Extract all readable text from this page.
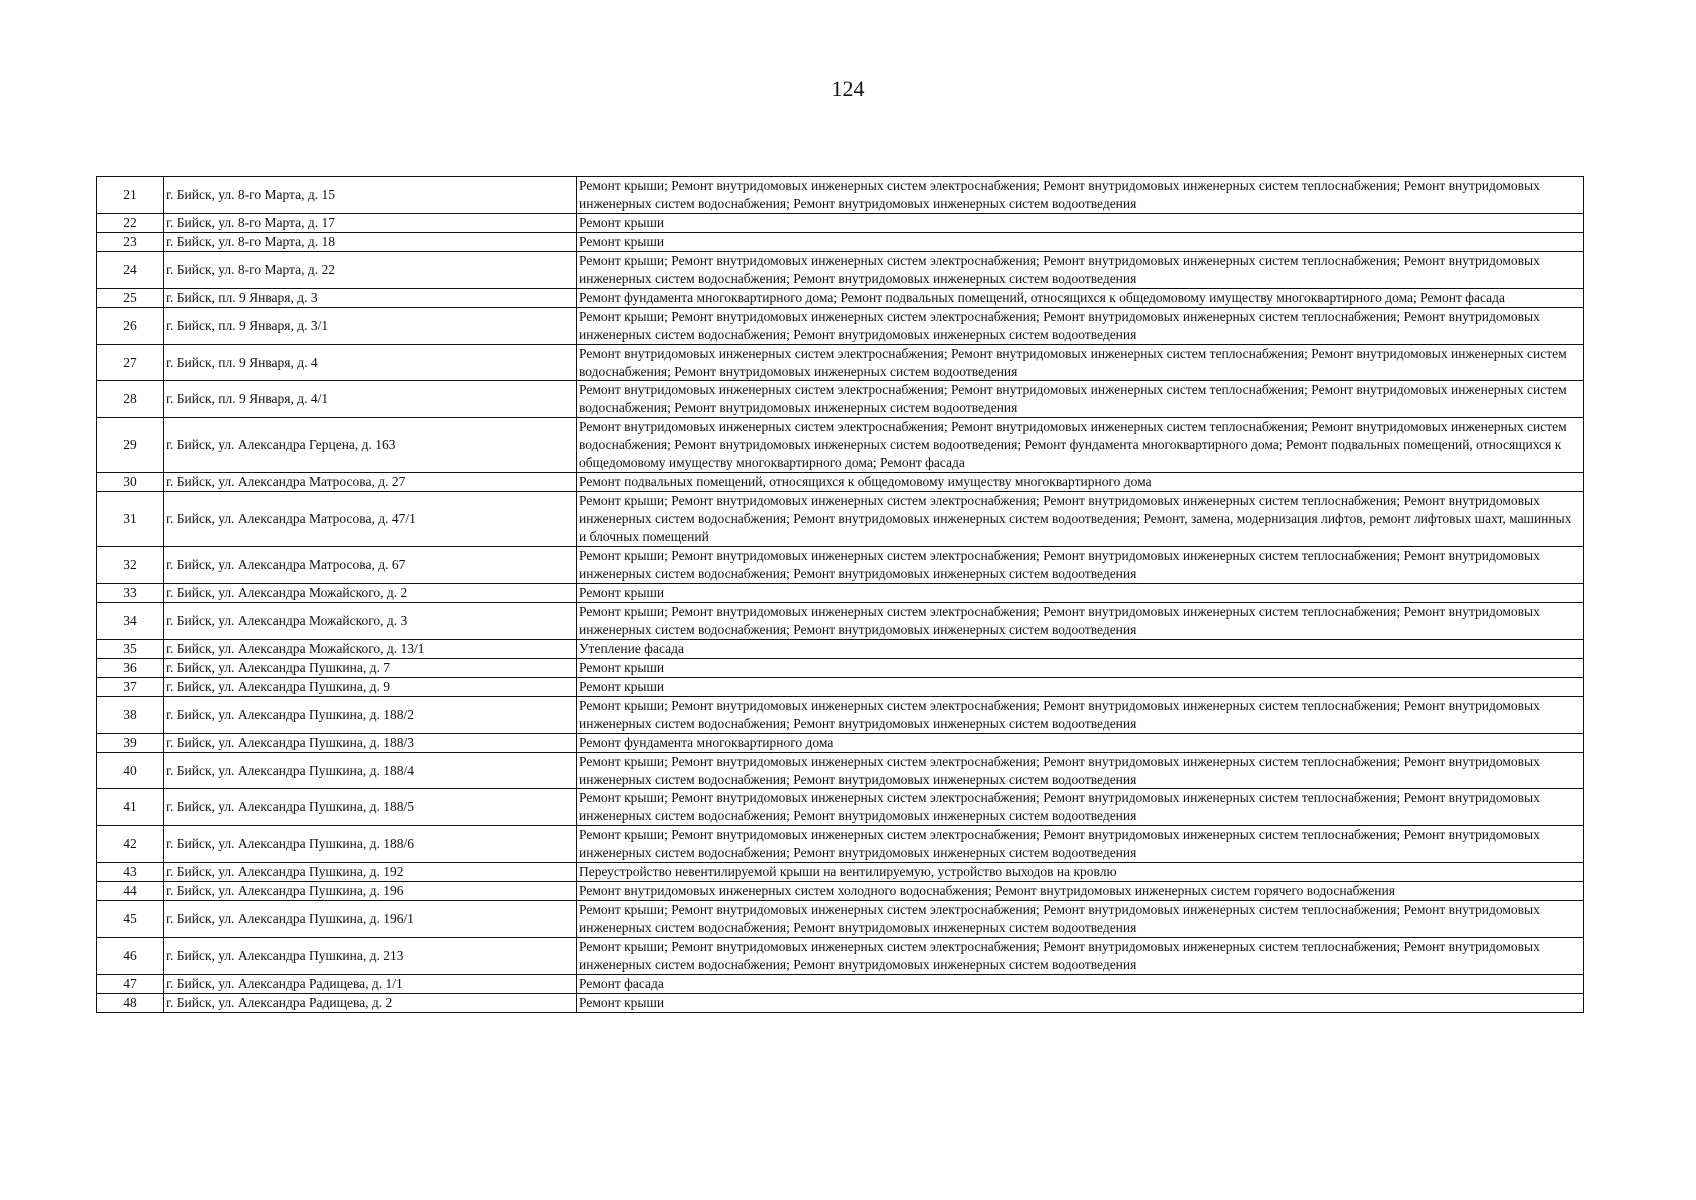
124
21	г. Бийск, ул. 8-го Марта, д. 15	Ремонт крыши; Ремонт внутридомовых инженерных систем электроснабжения; Ремонт внутридомовых инженерных систем теплоснабжения; Ремонт внутридомовых инженерных систем водоснабжения; Ремонт внутридомовых инженерных систем водоотведения
22	г. Бийск, ул. 8-го Марта, д. 17	Ремонт крыши
23	г. Бийск, ул. 8-го Марта, д. 18	Ремонт крыши
24	г. Бийск, ул. 8-го Марта, д. 22	Ремонт крыши; Ремонт внутридомовых инженерных систем электроснабжения; Ремонт внутридомовых инженерных систем теплоснабжения; Ремонт внутридомовых инженерных систем водоснабжения; Ремонт внутридомовых инженерных систем водоотведения
25	г. Бийск, пл. 9 Января, д. 3	Ремонт фундамента многоквартирного дома; Ремонт подвальных помещений, относящихся к общедомовому имуществу многоквартирного дома; Ремонт фасада
26	г. Бийск, пл. 9 Января, д. 3/1	Ремонт крыши; Ремонт внутридомовых инженерных систем электроснабжения; Ремонт внутридомовых инженерных систем теплоснабжения; Ремонт внутридомовых инженерных систем водоснабжения; Ремонт внутридомовых инженерных систем водоотведения
27	г. Бийск, пл. 9 Января, д. 4	Ремонт внутридомовых инженерных систем электроснабжения; Ремонт внутридомовых инженерных систем теплоснабжения; Ремонт внутридомовых инженерных систем водоснабжения; Ремонт внутридомовых инженерных систем водоотведения
28	г. Бийск, пл. 9 Января, д. 4/1	Ремонт внутридомовых инженерных систем электроснабжения; Ремонт внутридомовых инженерных систем теплоснабжения; Ремонт внутридомовых инженерных систем водоснабжения; Ремонт внутридомовых инженерных систем водоотведения
29	г. Бийск, ул. Александра Герцена, д. 163	Ремонт внутридомовых инженерных систем электроснабжения; Ремонт внутридомовых инженерных систем теплоснабжения; Ремонт внутридомовых инженерных систем водоснабжения; Ремонт внутридомовых инженерных систем водоотведения; Ремонт фундамента многоквартирного дома; Ремонт подвальных помещений, относящихся к общедомовому имуществу многоквартирного дома; Ремонт фасада
30	г. Бийск, ул. Александра Матросова, д. 27	Ремонт подвальных помещений, относящихся к общедомовому имуществу многоквартирного дома
31	г. Бийск, ул. Александра Матросова, д. 47/1	Ремонт крыши; Ремонт внутридомовых инженерных систем электроснабжения; Ремонт внутридомовых инженерных систем теплоснабжения; Ремонт внутридомовых инженерных систем водоснабжения; Ремонт внутридомовых инженерных систем водоотведения; Ремонт, замена, модернизация лифтов, ремонт лифтовых шахт, машинных и блочных помещений
32	г. Бийск, ул. Александра Матросова, д. 67	Ремонт крыши; Ремонт внутридомовых инженерных систем электроснабжения; Ремонт внутридомовых инженерных систем теплоснабжения; Ремонт внутридомовых инженерных систем водоснабжения; Ремонт внутридомовых инженерных систем водоотведения
33	г. Бийск, ул. Александра Можайского, д. 2	Ремонт крыши
34	г. Бийск, ул. Александра Можайского, д. 3	Ремонт крыши; Ремонт внутридомовых инженерных систем электроснабжения; Ремонт внутридомовых инженерных систем теплоснабжения; Ремонт внутридомовых инженерных систем водоснабжения; Ремонт внутридомовых инженерных систем водоотведения
35	г. Бийск, ул. Александра Можайского, д. 13/1	Утепление фасада
36	г. Бийск, ул. Александра Пушкина, д. 7	Ремонт крыши
37	г. Бийск, ул. Александра Пушкина, д. 9	Ремонт крыши
38	г. Бийск, ул. Александра Пушкина, д. 188/2	Ремонт крыши; Ремонт внутридомовых инженерных систем электроснабжения; Ремонт внутридомовых инженерных систем теплоснабжения; Ремонт внутридомовых инженерных систем водоснабжения; Ремонт внутридомовых инженерных систем водоотведения
39	г. Бийск, ул. Александра Пушкина, д. 188/3	Ремонт фундамента многоквартирного дома
40	г. Бийск, ул. Александра Пушкина, д. 188/4	Ремонт крыши; Ремонт внутридомовых инженерных систем электроснабжения; Ремонт внутридомовых инженерных систем теплоснабжения; Ремонт внутридомовых инженерных систем водоснабжения; Ремонт внутридомовых инженерных систем водоотведения
41	г. Бийск, ул. Александра Пушкина, д. 188/5	Ремонт крыши; Ремонт внутридомовых инженерных систем электроснабжения; Ремонт внутридомовых инженерных систем теплоснабжения; Ремонт внутридомовых инженерных систем водоснабжения; Ремонт внутридомовых инженерных систем водоотведения
42	г. Бийск, ул. Александра Пушкина, д. 188/6	Ремонт крыши; Ремонт внутридомовых инженерных систем электроснабжения; Ремонт внутридомовых инженерных систем теплоснабжения; Ремонт внутридомовых инженерных систем водоснабжения; Ремонт внутридомовых инженерных систем водоотведения
43	г. Бийск, ул. Александра Пушкина, д. 192	Переустройство невентилируемой крыши на вентилируемую, устройство выходов на кровлю
44	г. Бийск, ул. Александра Пушкина, д. 196	Ремонт внутридомовых инженерных систем холодного водоснабжения; Ремонт внутридомовых инженерных систем горячего водоснабжения
45	г. Бийск, ул. Александра Пушкина, д. 196/1	Ремонт крыши; Ремонт внутридомовых инженерных систем электроснабжения; Ремонт внутридомовых инженерных систем теплоснабжения; Ремонт внутридомовых инженерных систем водоснабжения; Ремонт внутридомовых инженерных систем водоотведения
46	г. Бийск, ул. Александра Пушкина, д. 213	Ремонт крыши; Ремонт внутридомовых инженерных систем электроснабжения; Ремонт внутридомовых инженерных систем теплоснабжения; Ремонт внутридомовых инженерных систем водоснабжения; Ремонт внутридомовых инженерных систем водоотведения
47	г. Бийск, ул. Александра Радищева, д. 1/1	Ремонт фасада
48	г. Бийск, ул. Александра Радищева, д. 2	Ремонт крыши
